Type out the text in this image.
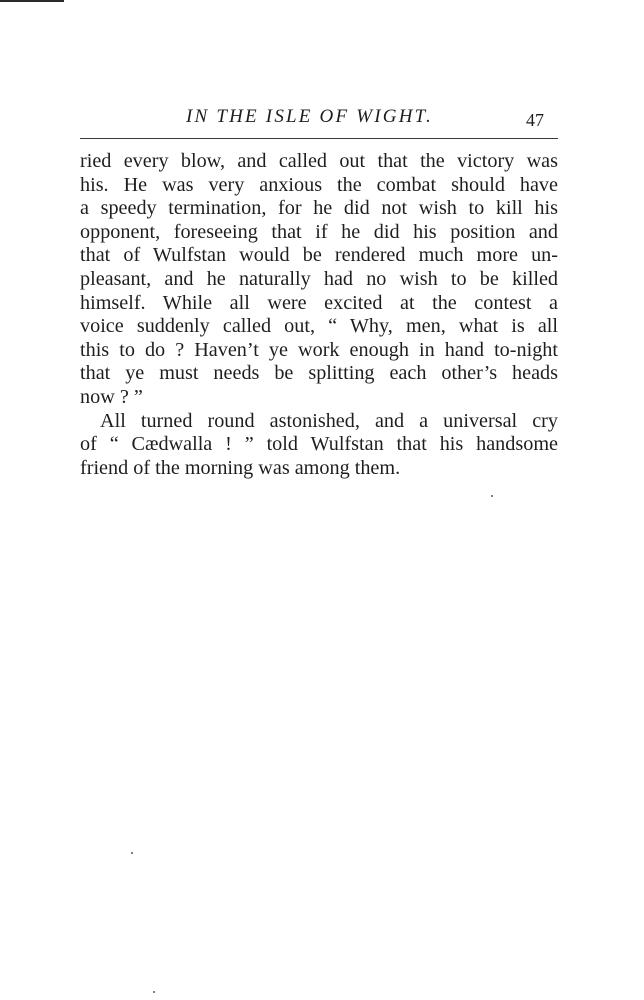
IN THE ISLE OF WIGHT.	47
ried every blow, and called out that the victory was
his. He was very anxious the combat should have
a speedy termination, for he did not wish to kill his
opponent, foreseeing that if he did his position and
that of Wulfstan would be rendered much more un-
pleasant, and he naturally had no wish to be killed
himself. While all were excited at the contest a
voice suddenly called out, “ Why, men, what is all
this to do ? Haven’t ye work enough in hand to-night
that ye must needs be splitting each other’s heads
now ? ”
All turned round astonished, and a universal cry
of “ Cædwalla ! ” told Wulfstan that his handsome
friend of the morning was among them.
